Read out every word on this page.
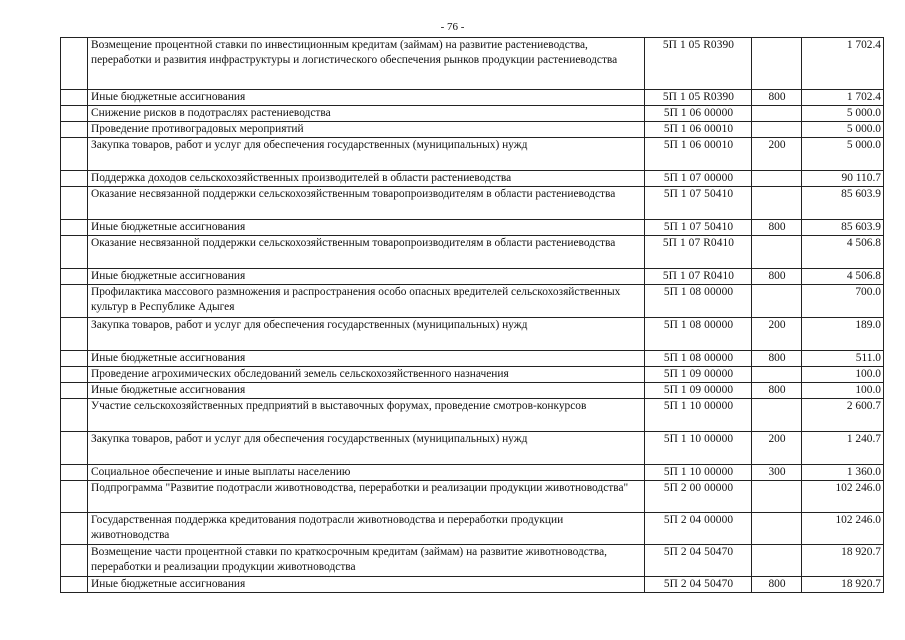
- 76 -
	Возмещение процентной ставки по инвестиционным кредитам (займам) на развитие растениеводства, переработки и развития инфраструктуры и логистического обеспечения рынков продукции растениеводства	5П 1 05 R0390		1 702.4
	Иные бюджетные ассигнования	5П 1 05 R0390	800	1 702.4
	Снижение рисков в подотраслях растениеводства	5П 1 06 00000		5 000.0
	Проведение противоградовых мероприятий	5П 1 06 00010		5 000.0
	Закупка товаров, работ и услуг для обеспечения государственных (муниципальных) нужд	5П 1 06 00010	200	5 000.0
	Поддержка доходов сельскохозяйственных производителей в области растениеводства	5П 1 07 00000		90 110.7
	Оказание несвязанной поддержки сельскохозяйственным товаропроизводителям в области растениеводства	5П 1 07 50410		85 603.9
	Иные бюджетные ассигнования	5П 1 07 50410	800	85 603.9
	Оказание несвязанной поддержки сельскохозяйственным товаропроизводителям в области растениеводства	5П 1 07 R0410		4 506.8
	Иные бюджетные ассигнования	5П 1 07 R0410	800	4 506.8
	Профилактика массового размножения и распространения особо опасных вредителей сельскохозяйственных культур в Республике Адыгея	5П 1 08 00000		700.0
	Закупка товаров, работ и услуг для обеспечения государственных (муниципальных) нужд	5П 1 08 00000	200	189.0
	Иные бюджетные ассигнования	5П 1 08 00000	800	511.0
	Проведение агрохимических обследований земель сельскохозяйственного назначения	5П 1 09 00000		100.0
	Иные бюджетные ассигнования	5П 1 09 00000	800	100.0
	Участие сельскохозяйственных предприятий в выставочных форумах, проведение смотров-конкурсов	5П 1 10 00000		2 600.7
	Закупка товаров, работ и услуг для обеспечения государственных (муниципальных) нужд	5П 1 10 00000	200	1 240.7
	Социальное обеспечение и иные выплаты населению	5П 1 10 00000	300	1 360.0
	Подпрограмма "Развитие подотрасли животноводства, переработки и реализации продукции животноводства"	5П 2 00 00000		102 246.0
	Государственная поддержка кредитования подотрасли животноводства и переработки продукции животноводства	5П 2 04 00000		102 246.0
	Возмещение части процентной ставки по краткосрочным кредитам (займам) на развитие животноводства, переработки и реализации продукции животноводства	5П 2 04 50470		18 920.7
	Иные бюджетные ассигнования	5П 2 04 50470	800	18 920.7
